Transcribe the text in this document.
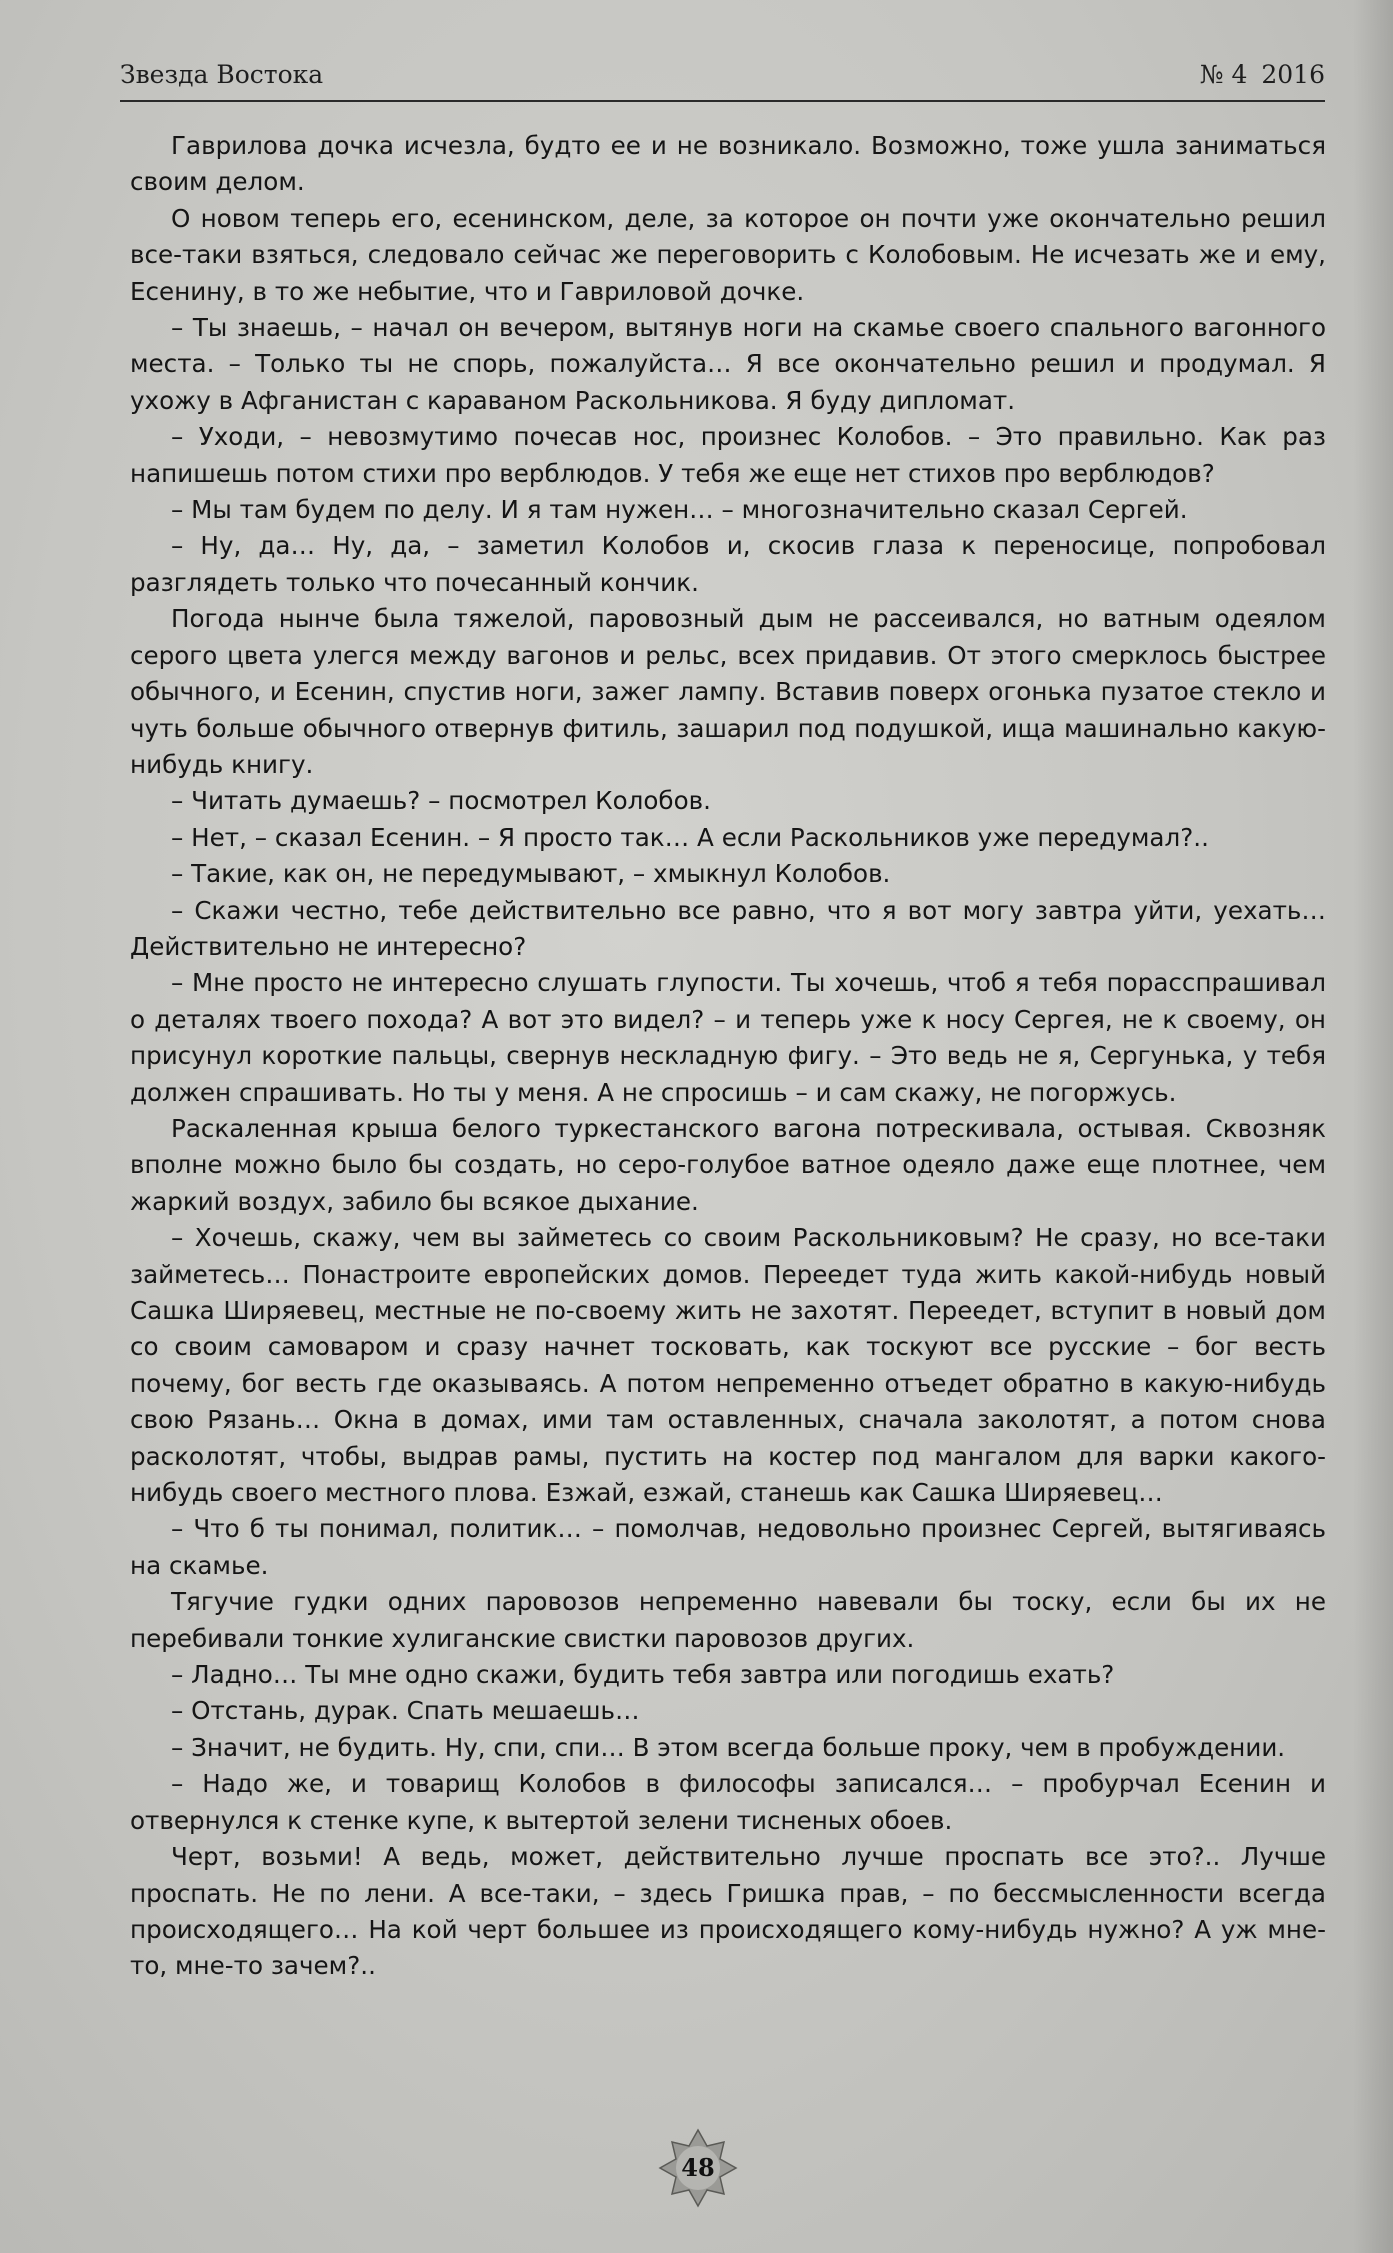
Звезда Востока	№ 4 2016

Гаврилова дочка исчезла, будто ее и не возникало. Возможно, тоже ушла заниматься своим делом.

О новом теперь его, есенинском, деле, за которое он почти уже окончательно решил все-таки взяться, следовало сейчас же переговорить с Колобовым. Не исчезать же и ему, Есенину, в то же небытие, что и Гавриловой дочке.

– Ты знаешь, – начал он вечером, вытянув ноги на скамье своего спального вагонного места. – Только ты не спорь, пожалуйста… Я все окончательно решил и продумал. Я ухожу в Афганистан с караваном Раскольникова. Я буду дипломат.

– Уходи, – невозмутимо почесав нос, произнес Колобов. – Это правильно. Как раз напишешь потом стихи про верблюдов. У тебя же еще нет стихов про верблюдов?

– Мы там будем по делу. И я там нужен… – многозначительно сказал Сергей.

– Ну, да… Ну, да, – заметил Колобов и, скосив глаза к переносице, попробовал разглядеть только что почесанный кончик.

Погода нынче была тяжелой, паровозный дым не рассеивался, но ватным одеялом серого цвета улегся между вагонов и рельс, всех придавив. От этого смерклось быстрее обычного, и Есенин, спустив ноги, зажег лампу. Вставив поверх огонька пузатое стекло и чуть больше обычного отвернув фитиль, зашарил под подушкой, ища машинально какую-нибудь книгу.

– Читать думаешь? – посмотрел Колобов.

– Нет, – сказал Есенин. – Я просто так… А если Раскольников уже передумал?..

– Такие, как он, не передумывают, – хмыкнул Колобов.

– Скажи честно, тебе действительно все равно, что я вот могу завтра уйти, уехать… Действительно не интересно?

– Мне просто не интересно слушать глупости. Ты хочешь, чтоб я тебя порасспрашивал о деталях твоего похода? А вот это видел? – и теперь уже к носу Сергея, не к своему, он присунул короткие пальцы, свернув нескладную фигу. – Это ведь не я, Сергунька, у тебя должен спрашивать. Но ты у меня. А не спросишь – и сам скажу, не погоржусь.

Раскаленная крыша белого туркестанского вагона потрескивала, остывая. Сквозняк вполне можно было бы создать, но серо-голубое ватное одеяло даже еще плотнее, чем жаркий воздух, забило бы всякое дыхание.

– Хочешь, скажу, чем вы займетесь со своим Раскольниковым? Не сразу, но все-таки займетесь… Понастроите европейских домов. Переедет туда жить какой-нибудь новый Сашка Ширяевец, местные не по-своему жить не захотят. Переедет, вступит в новый дом со своим самоваром и сразу начнет тосковать, как тоскуют все русские – бог весть почему, бог весть где оказываясь. А потом непременно отъедет обратно в какую-нибудь свою Рязань… Окна в домах, ими там оставленных, сначала заколотят, а потом снова расколотят, чтобы, выдрав рамы, пустить на костер под мангалом для варки какого-нибудь своего местного плова. Езжай, езжай, станешь как Сашка Ширяевец…

– Что б ты понимал, политик… – помолчав, недовольно произнес Сергей, вытягиваясь на скамье.

Тягучие гудки одних паровозов непременно навевали бы тоску, если бы их не перебивали тонкие хулиганские свистки паровозов других.

– Ладно… Ты мне одно скажи, будить тебя завтра или погодишь ехать?

– Отстань, дурак. Спать мешаешь…

– Значит, не будить. Ну, спи, спи… В этом всегда больше проку, чем в пробуждении.

– Надо же, и товарищ Колобов в философы записался… – пробурчал Есенин и отвернулся к стенке купе, к вытертой зелени тисненых обоев.

Черт, возьми! А ведь, может, действительно лучше проспать все это?.. Лучше проспать. Не по лени. А все-таки, – здесь Гришка прав, – по бессмысленности всегда происходящего… На кой черт большее из происходящего кому-нибудь нужно? А уж мне-то, мне-то зачем?..

48
